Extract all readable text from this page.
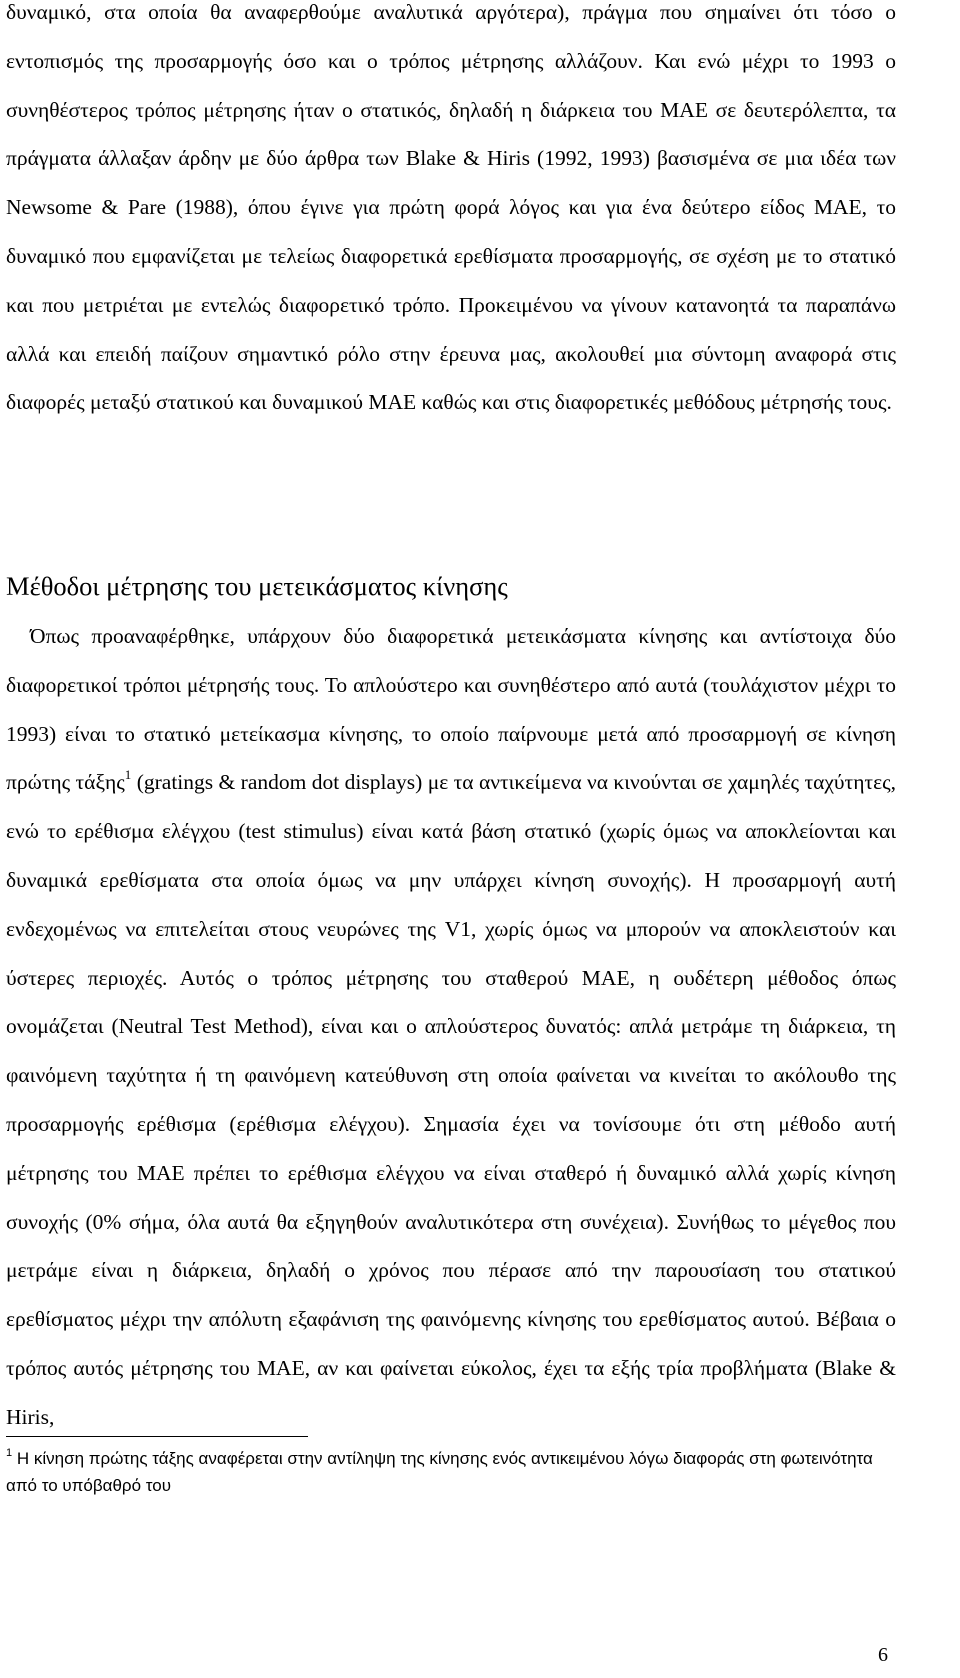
δυναμικό, στα οποία θα αναφερθούμε αναλυτικά αργότερα), πράγμα που σημαίνει ότι τόσο ο εντοπισμός της προσαρμογής όσο και ο τρόπος μέτρησης αλλάζουν. Και ενώ μέχρι το 1993 ο συνηθέστερος τρόπος μέτρησης ήταν ο στατικός, δηλαδή η διάρκεια του ΜΑΕ σε δευτερόλεπτα, τα πράγματα άλλαξαν άρδην με δύο άρθρα των Blake & Hiris (1992, 1993) βασισμένα σε μια ιδέα των Newsome & Pare (1988), όπου έγινε για πρώτη φορά λόγος και για ένα δεύτερο είδος ΜΑΕ, το δυναμικό που εμφανίζεται με τελείως διαφορετικά ερεθίσματα προσαρμογής, σε σχέση με το στατικό και που μετριέται με εντελώς διαφορετικό τρόπο. Προκειμένου να γίνουν κατανοητά τα παραπάνω αλλά και επειδή παίζουν σημαντικό ρόλο στην έρευνα μας, ακολουθεί μια σύντομη αναφορά στις διαφορές μεταξύ στατικού και δυναμικού ΜΑΕ καθώς και στις διαφορετικές μεθόδους μέτρησής τους.

Μέθοδοι μέτρησης του μετεικάσματος κίνησης

Όπως προαναφέρθηκε, υπάρχουν δύο διαφορετικά μετεικάσματα κίνησης και αντίστοιχα δύο διαφορετικοί τρόποι μέτρησής τους. Το απλούστερο και συνηθέστερο από αυτά (τουλάχιστον μέχρι το 1993) είναι το στατικό μετείκασμα κίνησης, το οποίο παίρνουμε μετά από προσαρμογή σε κίνηση πρώτης τάξης$^1$ (gratings & random dot displays) με τα αντικείμενα να κινούνται σε χαμηλές ταχύτητες, ενώ το ερέθισμα ελέγχου (test stimulus) είναι κατά βάση στατικό (χωρίς όμως να αποκλείονται και δυναμικά ερεθίσματα στα οποία όμως να μην υπάρχει κίνηση συνοχής). Η προσαρμογή αυτή ενδεχομένως να επιτελείται στους νευρώνες της V1, χωρίς όμως να μπορούν να αποκλειστούν και ύστερες περιοχές. Αυτός ο τρόπος μέτρησης του σταθερού ΜΑΕ, η ουδέτερη μέθοδος όπως ονομάζεται (Neutral Test Method), είναι και ο απλούστερος δυνατός: απλά μετράμε τη διάρκεια, τη φαινόμενη ταχύτητα ή τη φαινόμενη κατεύθυνση στη οποία φαίνεται να κινείται το ακόλουθο της προσαρμογής ερέθισμα (ερέθισμα ελέγχου). Σημασία έχει να τονίσουμε ότι στη μέθοδο αυτή μέτρησης του ΜΑΕ πρέπει το ερέθισμα ελέγχου να είναι σταθερό ή δυναμικό αλλά χωρίς κίνηση συνοχής (0% σήμα, όλα αυτά θα εξηγηθούν αναλυτικότερα στη συνέχεια). Συνήθως το μέγεθος που μετράμε είναι η διάρκεια, δηλαδή ο χρόνος που πέρασε από την παρουσίαση του στατικού ερεθίσματος μέχρι την απόλυτη εξαφάνιση της φαινόμενης κίνησης του ερεθίσματος αυτού. Βέβαια ο τρόπος αυτός μέτρησης του ΜΑΕ, αν και φαίνεται εύκολος, έχει τα εξής τρία προβλήματα (Blake & Hiris,

$^1$ Η κίνηση πρώτης τάξης αναφέρεται στην αντίληψη της κίνησης ενός αντικειμένου λόγω διαφοράς στη φωτεινότητα από το υπόβαθρό του

6
